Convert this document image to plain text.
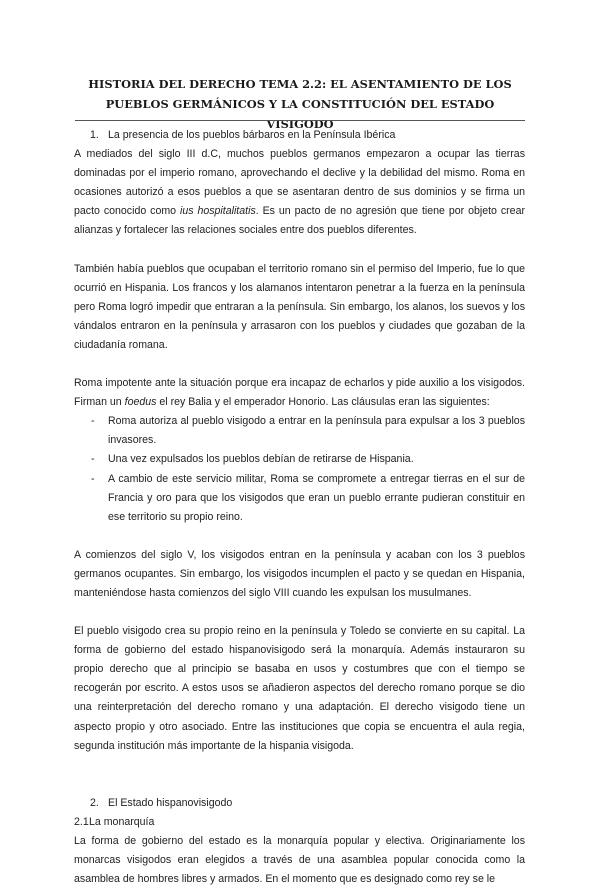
HISTORIA DEL DERECHO TEMA 2.2: EL ASENTAMIENTO DE LOS PUEBLOS GERMÁNICOS Y LA CONSTITUCIÓN DEL ESTADO VISIGODO
1. La presencia de los pueblos bárbaros en la Península Ibérica

A mediados del siglo III d.C, muchos pueblos germanos empezaron a ocupar las tierras dominadas por el imperio romano, aprovechando el declive y la debilidad del mismo. Roma en ocasiones autorizó a esos pueblos a que se asentaran dentro de sus dominios y se firma un pacto conocido como ius hospitalitatis. Es un pacto de no agresión que tiene por objeto crear alianzas y fortalecer las relaciones sociales entre dos pueblos diferentes.

También había pueblos que ocupaban el territorio romano sin el permiso del Imperio, fue lo que ocurrió en Hispania. Los francos y los alamanos intentaron penetrar a la fuerza en la península pero Roma logró impedir que entraran a la península. Sin embargo, los alanos, los suevos y los vándalos entraron en la península y arrasaron con los pueblos y ciudades que gozaban de la ciudadanía romana.

Roma impotente ante la situación porque era incapaz de echarlos y pide auxilio a los visigodos. Firman un foedus el rey Balia y el emperador Honorio. Las cláusulas eran las siguientes:

- Roma autoriza al pueblo visigodo a entrar en la península para expulsar a los 3 pueblos invasores.
- Una vez expulsados los pueblos debían de retirarse de Hispania.
- A cambio de este servicio militar, Roma se compromete a entregar tierras en el sur de Francia y oro para que los visigodos que eran un pueblo errante pudieran constituir en ese territorio su propio reino.

A comienzos del siglo V, los visigodos entran en la península y acaban con los 3 pueblos germanos ocupantes. Sin embargo, los visigodos incumplen el pacto y se quedan en Hispania, manteniéndose hasta comienzos del siglo VIII cuando les expulsan los musulmanes.

El pueblo visigodo crea su propio reino en la península y Toledo se convierte en su capital. La forma de gobierno del estado hispanovisigodo será la monarquía. Además instauraron su propio derecho que al principio se basaba en usos y costumbres que con el tiempo se recogerán por escrito. A estos usos se añadieron aspectos del derecho romano porque se dio una reinterpretación del derecho romano y una adaptación. El derecho visigodo tiene un aspecto propio y otro asociado. Entre las instituciones que copia se encuentra el aula regia, segunda institución más importante de la hispania visigoda.

2. El Estado hispanovisigodo
2.1 La monarquía

La forma de gobierno del estado es la monarquía popular y electiva. Originariamente los monarcas visigodos eran elegidos a través de una asamblea popular conocida como la asamblea de hombres libres y armados. En el momento que es designado como rey se le
